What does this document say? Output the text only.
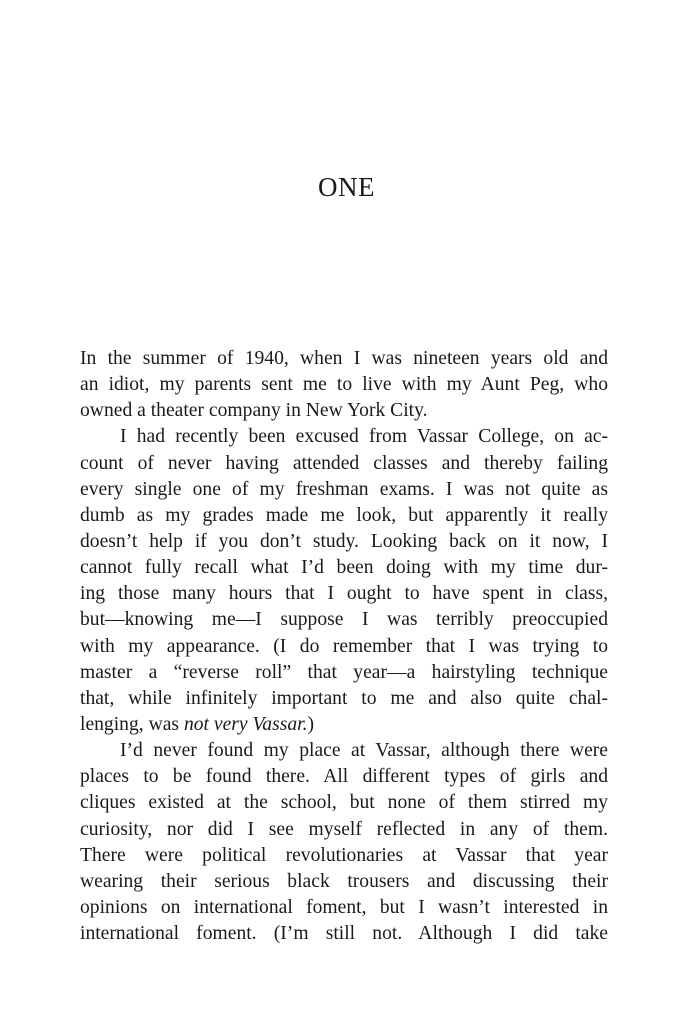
ONE
In the summer of 1940, when I was nineteen years old and
an idiot, my parents sent me to live with my Aunt Peg, who
owned a theater company in New York City.
I had recently been excused from Vassar College, on ac-
count of never having attended classes and thereby failing
every single one of my freshman exams. I was not quite as
dumb as my grades made me look, but apparently it really
doesn’t help if you don’t study. Looking back on it now, I
cannot fully recall what I’d been doing with my time dur-
ing those many hours that I ought to have spent in class,
but—knowing me—I suppose I was terribly preoccupied
with my appearance. (I do remember that I was trying to
master a “reverse roll” that year—a hairstyling technique
that, while infinitely important to me and also quite chal-
lenging, was not very Vassar.)
I’d never found my place at Vassar, although there were
places to be found there. All different types of girls and
cliques existed at the school, but none of them stirred my
curiosity, nor did I see myself reflected in any of them.
There were political revolutionaries at Vassar that year
wearing their serious black trousers and discussing their
opinions on international foment, but I wasn’t interested in
international foment. (I’m still not. Although I did take
